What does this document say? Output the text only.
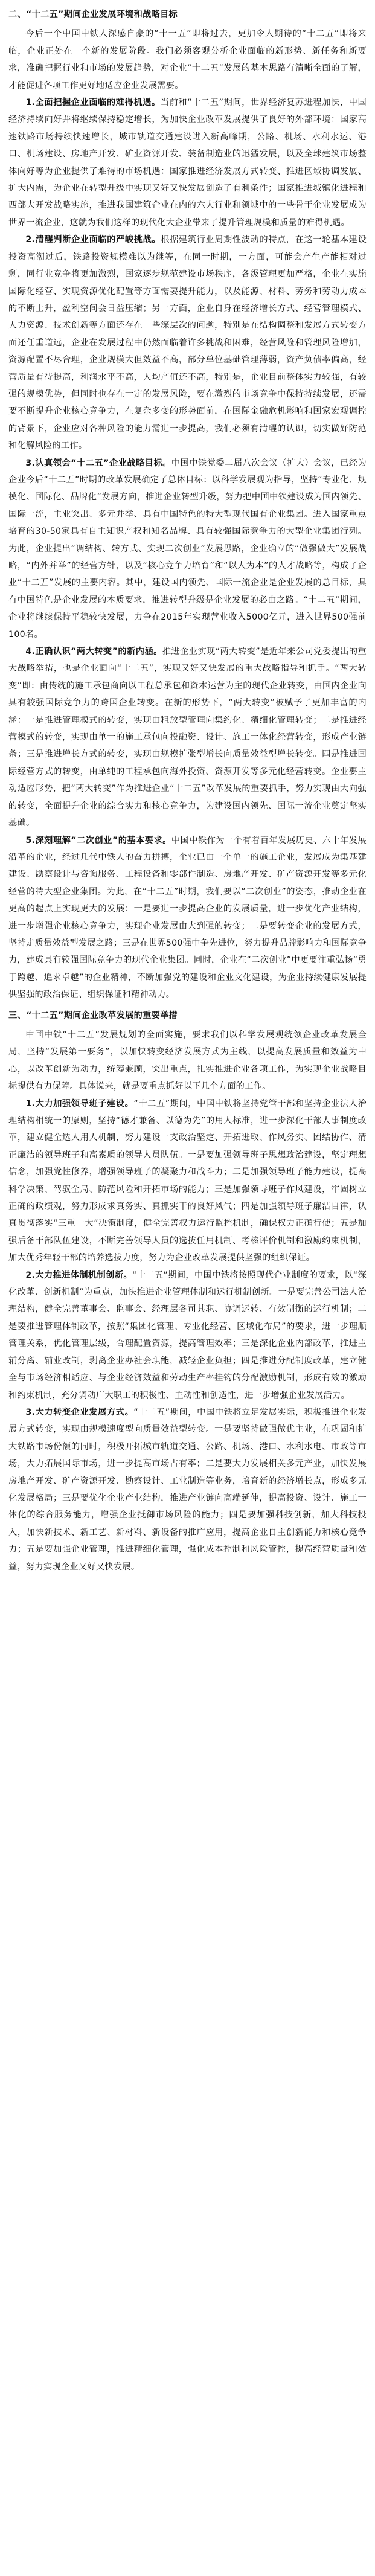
二、“十二五”期间企业发展环境和战略目标

今后一个中国中铁人深感自豪的“十一五”即将过去，更加令人期待的“十二五”即将来临，企业正处在一个新的发展阶段。我们必须客观分析企业面临的新形势、新任务和新要求，准确把握行业和市场的发展趋势，对企业“十二五”发展的基本思路有清晰全面的了解，才能促进各项工作更好地适应企业发展需要。

1.全面把握企业面临的难得机遇。当前和“十二五”期间，世界经济复苏进程加快，中国经济持续向好并将继续保持稳定增长，为加快企业改革发展提供了良好的外部环境：国家高速铁路市场持续快速增长，城市轨道交通建设进入新高峰期，公路、机场、水利水运、港口、机场建设、房地产开发、矿业资源开发、装备制造业的迅猛发展，以及全球建筑市场整体向好等为企业提供了难得的市场机遇：国家推进经济发展方式转变、推进区域协调发展、扩大内需，为企业在转型升级中实现又好又快发展创造了有利条件；国家推进城镇化进程和西部大开发战略实施，推进我国建筑企业在内的六大行业和领域中的一些骨干企业发展成为世界一流企业，这就为我们这样的现代化大企业带来了提升管理规模和质量的难得机遇。

2.清醒判断企业面临的严峻挑战。根据建筑行业周期性波动的特点，在这一轮基本建设投资高潮过后，铁路投资规模难以为继等，在同一时期，一方面，可能会产生产能相对过剩，同行业竞争将更加激烈，国家逐步规范建设市场秩序，各级管理更加严格，企业在实施国际化经营、实现资源优化配置等方面需要提升能力，以及能源、材料、劳务和劳动力成本的不断上升，盈利空间会日益压缩；另一方面，企业自身在经济增长方式、经营管理模式、人力资源、技术创新等方面还存在一些深层次的问题，特别是在结构调整和发展方式转变方面还任重道远，企业在发展过程中仍然面临着许多挑战和困难，经营风险和管理风险增加，资源配置不尽合理，企业规模大但效益不高，部分单位基础管理薄弱，资产负债率偏高，经营质量有待提高，利润水平不高，人均产值还不高，特别是，企业目前整体实力较强，有较强的规模优势，但同时也存在一定的发展风险，要在激烈的市场竞争中保持持续发展，还需要不断提升企业核心竞争力，在复杂多变的形势面前，在国际金融危机影响和国家宏观调控的背景下，企业应对各种风险的能力需进一步提高，我们必须有清醒的认识，切实做好防范和化解风险的工作。

3.认真领会“十二五”企业战略目标。中国中铁党委二届八次会议（扩大）会议，已经为企业今后“十二五”时期的改革发展确定了总体目标：以科学发展观为指导，坚持“专业化、规模化、国际化、品牌化”发展方向，推进企业转型升级，努力把中国中铁建设成为国内领先、国际一流，主业突出、多元并举、具有中国特色的特大型现代国有企业集团。进入国家重点培育的30-50家具有自主知识产权和知名品牌、具有较强国际竞争力的大型企业集团行列。为此，企业提出“调结构、转方式、实现二次创业”发展思路，企业确立的“做强做大”发展战略，“内外并举”的经营方针，以及“核心竞争力培育”和“以人为本”的人才战略等，构成了企业“十二五”发展的主要内容。其中，建设国内领先、国际一流企业是企业发展的总目标，具有中国特色是企业发展的本质要求，推进转型升级是企业发展的必由之路。“十二五”期间，企业将继续保持平稳较快发展，力争在2015年实现营业收入5000亿元，进入世界500强前100名。

4.正确认识“两大转变”的新内涵。推进企业实现“两大转变”是近年来公司党委提出的重大战略举措，也是企业面向“十二五”，实现又好又快发展的重大战略指导和抓手。“两大转变”即：由传统的施工承包商向以工程总承包和资本运营为主的现代企业转变，由国内企业向具有较强国际竞争力的跨国企业转变。在新的形势下，“两大转变”被赋予了更加丰富的内涵：一是推进管理模式的转变，实现由粗放型管理向集约化、精细化管理转变；二是推进经营模式的转变，实现由单一的施工承包向投融资、设计、施工一体化经营转变，形成产业链条；三是推进增长方式的转变，实现由规模扩张型增长向质量效益型增长转变。四是推进国际经营方式的转变，由单纯的工程承包向海外投资、资源开发等多元化经营转变。企业要主动适应形势，把“两大转变”作为推进企业“十二五”改革发展的重要抓手，努力实现由大向强的转变，全面提升企业的综合实力和核心竞争力，为建设国内领先、国际一流企业奠定坚实基础。

5.深刻理解“二次创业”的基本要求。中国中铁作为一个有着百年发展历史、六十年发展沿革的企业，经过几代中铁人的奋力拼搏，企业已由一个单一的施工企业，发展成为集基建建设、勘察设计与咨询服务、工程设备和零部件制造、房地产开发、矿产资源开发等多元化经营的特大型企业集团。为此，在“十二五”时期，我们要以“二次创业”的姿态，推动企业在更高的起点上实现更大的发展：一是要进一步提高企业的发展质量，进一步优化产业结构，进一步增强企业核心竞争力，实现企业发展由大到强的转变；二是要转变企业的发展方式，坚持走质量效益型发展之路；三是在世界500强中争先进位，努力提升品牌影响力和国际竞争力，建成具有较强国际竞争力的现代企业集团。同时，企业在“二次创业”中更要注重弘扬“勇于跨越、追求卓越”的企业精神，不断加强党的建设和企业文化建设，为企业持续健康发展提供坚强的政治保证、组织保证和精神动力。

三、“十二五”期间企业改革发展的重要举措

中国中铁“十二五”发展规划的全面实施，要求我们以科学发展观统领企业改革发展全局，坚持“发展第一要务”，以加快转变经济发展方式为主线，以提高发展质量和效益为中心，以改革创新为动力，统筹兼顾，突出重点，扎实推进企业各项工作，为实现企业战略目标提供有力保障。具体说来，就是要重点抓好以下几个方面的工作。

1.大力加强领导班子建设。“十二五”期间，中国中铁将坚持党管干部和坚持企业法人治理结构相统一的原则，坚持“德才兼备、以德为先”的用人标准，进一步深化干部人事制度改革，建立健全选人用人机制，努力建设一支政治坚定、开拓进取、作风务实、团结协作、清正廉洁的领导班子和高素质的领导人员队伍。一是要加强领导班子思想政治建设，坚定理想信念，加强党性修养，增强领导班子的凝聚力和战斗力；二是加强领导班子能力建设，提高科学决策、驾驭全局、防范风险和开拓市场的能力；三是加强领导班子作风建设，牢固树立正确的政绩观，努力形成求真务实、真抓实干的良好风气；四是加强领导班子廉洁自律，认真贯彻落实“三重一大”决策制度，健全完善权力运行监控机制，确保权力正确行使；五是加强后备干部队伍建设，不断完善领导人员的选拔任用机制、考核评价机制和激励约束机制，加大优秀年轻干部的培养选拔力度，努力为企业改革发展提供坚强的组织保证。

2.大力推进体制机制创新。“十二五”期间，中国中铁将按照现代企业制度的要求，以“深化改革、创新机制”为重点，加快推进企业管理体制和运行机制创新。一是要完善公司法人治理结构，健全完善董事会、监事会、经理层各司其职、协调运转、有效制衡的运行机制；二是要推进管理体制改革，按照“集团化管理、专业化经营、区域化布局”的要求，进一步理顺管理关系，优化管理层级，合理配置资源，提高管理效率；三是深化企业内部改革，推进主辅分离、辅业改制，剥离企业办社会职能，减轻企业负担；四是推进分配制度改革，建立健全与市场经济相适应、与企业经济效益和劳动生产率挂钩的分配激励机制，形成有效的激励和约束机制，充分调动广大职工的积极性、主动性和创造性，进一步增强企业发展活力。

3.大力转变企业发展方式。“十二五”期间，中国中铁将立足发展实际，积极推进企业发展方式转变，实现由规模速度型向质量效益型转变。一是要坚持做强做优主业，在巩固和扩大铁路市场份额的同时，积极开拓城市轨道交通、公路、机场、港口、水利水电、市政等市场，大力拓展国际市场，进一步提高市场占有率；二是要大力发展相关多元产业，加快发展房地产开发、矿产资源开发、勘察设计、工业制造等业务，培育新的经济增长点，形成多元化发展格局；三是要优化企业产业结构，推进产业链向高端延伸，提高投资、设计、施工一体化的综合服务能力，增强企业抵御市场风险的能力；四是要加强科技创新，加大科技投入，加快新技术、新工艺、新材料、新设备的推广应用，提高企业自主创新能力和核心竞争力；五是要加强企业管理，推进精细化管理，强化成本控制和风险管控，提高经营质量和效益，努力实现企业又好又快发展。
